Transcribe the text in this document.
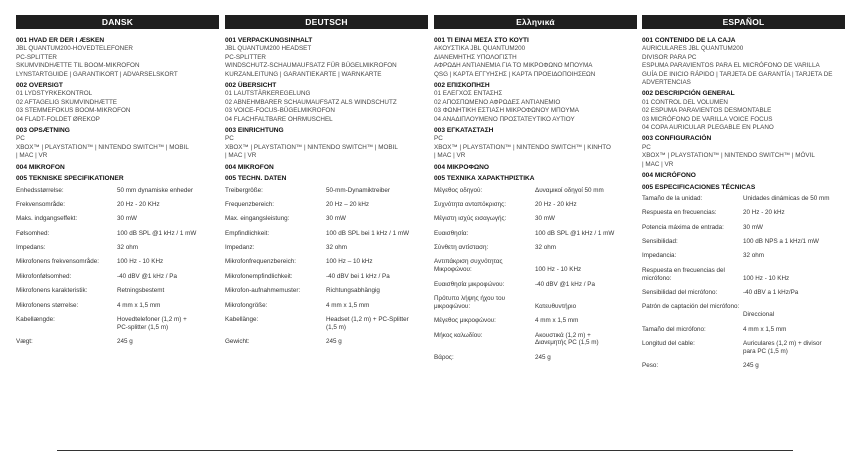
DANSK
001 HVAD ER DER I ÆSKEN
JBL QUANTUM200-HOVEDTELEFONER
PC-SPLITTER
SKUMVINDHÆTTE TIL BOOM-MIKROFON
LYNSTARTGUIDE | GARANTIKORT | ADVARSELSKORT
002 OVERSIGT
01 LYDSTYRKEKONTROL
02 AFTAGELIG SKUMVINDHÆTTE
03 STEMMEFOKUS BOOM-MIKROFON
04 FLADT-FOLDET ØREKOP
003 OPSÆTNING
PC
XBOX™ | PLAYSTATION™ | NINTENDO SWITCH™ | MOBIL
| MAC | VR
004 MIKROFON
005 TEKNISKE SPECIFIKATIONER
Enhedsstørrelse:	50 mm dynamiske enheder
Frekvensområde:	20 Hz - 20 KHz
Maks. indgangseffekt:	30 mW
Følsomhed:	100 dB SPL @1 kHz / 1 mW
Impedans:	32 ohm
Mikrofonens frekvensområde:	100 Hz - 10 KHz
Mikrofonfølsomhed:	-40 dBV @1 kHz / Pa
Mikrofonens karakteristik:	Retningsbestemt
Mikrofonens størrelse:	4 mm x 1,5 mm
Kabellængde:	Hovedtelefoner (1,2 m) +
PC-splitter (1,5 m)
Vægt:	245 g
DEUTSCH
001 VERPACKUNGSINHALT
JBL QUANTUM200 HEADSET
PC-SPLITTER
WINDSCHUTZ-SCHAUMAUFSATZ FÜR BÜGELMIKROFON
KURZANLEITUNG | GARANTIEKARTE | WARNKARTE
002 ÜBERSICHT
01 LAUTSTÄRKEREGELUNG
02 ABNEHMBARER SCHAUMAUFSATZ ALS WINDSCHUTZ
03 VOICE-FOCUS-BÜGELMIKROFON
04 FLACHFALTBARE OHRMUSCHEL
003 EINRICHTUNG
PC
XBOX™ | PLAYSTATION™ | NINTENDO SWITCH™ | MOBIL
| MAC | VR
004 MIKROFON
005 TECHN. DATEN
Treibergröße:	50-mm-Dynamiktreiber
Frequenzbereich:	20 Hz – 20 kHz
Max. eingangsleistung:	30 mW
Empfindlichkeit:	100 dB SPL bei 1 kHz / 1 mW
Impedanz:	32 ohm
Mikrofonfrequenzbereich:	100 Hz – 10 kHz
Mikrofonempfindlichkeit:	-40 dBV bei 1 kHz / Pa
Mikrofon-aufnahmemuster:	Richtungsabhängig
Mikrofongröße:	4 mm x 1,5 mm
Kabellänge:	Headset (1,2 m) + PC-Splitter
(1,5 m)
Gewicht:	245 g
Ελληνικά
001 ΤΙ ΕΙΝΑΙ ΜΕΣΑ ΣΤΟ ΚΟΥΤΙ
ΑΚΟΥΣΤΙΚΑ JBL QUANTUM200
ΔΙΑΝΕΜΗΤΗΣ ΥΠΟΛΟΓΙΣΤΗ
ΑΦΡΩΔΗ ΑΝΤΙΑΝΕΜΙΑ ΓΙΑ ΤΟ ΜΙΚΡΟΦΩΝΟ ΜΠΟΥΜΑ
QSG | ΚΑΡΤΑ ΕΓΓΥΗΣΗΣ | ΚΑΡΤΑ ΠΡΟΕΙΔΟΠΟΙΗΣΕΩΝ
002 ΕΠΙΣΚΟΠΗΣΗ
01 ΕΛΕΓΧΟΣ ΕΝΤΑΣΗΣ
02 ΑΠΟΣΠΩΜΕΝΟ ΑΦΡΩΔΕΣ ΑΝΤΙΑΝΕΜΙΟ
03 ΦΩΝΗΤΙΚΗ ΕΣΤΙΑΣΗ ΜΙΚΡΟΦΩΝΟΥ ΜΠΟΥΜΑ
04 ΑΝΑΔΙΠΛΟΥΜΕΝΟ ΠΡΟΣΤΑΤΕΥΤΙΚΟ ΑΥΤΙΟΥ
003 ΕΓΚΑΤΑΣΤΑΣΗ
PC
XBOX™ | PLAYSTATION™ | NINTENDO SWITCH™ | ΚΙΝΗΤΟ
| MAC | VR
004 ΜΙΚΡΟΦΩΝΟ
005 ΤΕΧΝΙΚΑ ΧΑΡΑΚΤΗΡΙΣΤΙΚΑ
Μέγεθος οδηγού:	Δυναμικοί οδηγοί 50 mm
Συχνότητα ανταπόκρισης:	20 Hz - 20 kHz
Μέγιστη ισχύς εισαγωγής:	30 mW
Ευαισθησία:	100 dB SPL @1 kHz / 1 mW
Σύνθετη αντίσταση:	32 ohm
Αντιπάκριση συχνότητας Μικροφώνου:
	100 Hz - 10 KHz
Ευαισθησία μικροφώνου:	-40 dBV @1 kHz / Pa
Πρότυπο λήψης ήχου του μικροφώνου:
	Κατευθυντήριο
Μέγεθος μικροφώνου:	4 mm x 1,5 mm
Μήκος καλωδίου:	Ακουστικά (1,2 m) +
Διανεμητής PC (1,5 m)
Βάρος:	245 g
ESPAÑOL
001 CONTENIDO DE LA CAJA
AURICULARES JBL QUANTUM200
DIVISOR PARA PC
ESPUMA PARAVIENTOS PARA EL MICRÓFONO DE VARILLA
GUÍA DE INICIO RÁPIDO | TARJETA DE GARANTÍA | TARJETA DE
ADVERTENCIAS
002 DESCRIPCIÓN GENERAL
01 CONTROL DEL VOLUMEN
02 ESPUMA PARAVIENTOS DESMONTABLE
03 MICRÓFONO DE VARILLA VOICE FOCUS
04 COPA AURICULAR PLEGABLE EN PLANO
003 CONFIGURACIÓN
PC
XBOX™ | PLAYSTATION™ | NINTENDO SWITCH™ | MÓVIL
| MAC | VR
004 MICRÓFONO
005 ESPECIFICACIONES TÉCNICAS
Tamaño de la unidad:	Unidades dinámicas de 50 mm
Respuesta en frecuencias:	20 Hz - 20 kHz
Potencia máxima de entrada:	30 mW
Sensibilidad:	100 dB NPS a 1 kHz/1 mW
Impedancia:	32 ohm
Respuesta en frecuencias del micrófono:
	100 Hz - 10 KHz
Sensibilidad del micrófono:	-40 dBV a 1 kHz/Pa
Patrón de captación del micrófono:

Direccional
Tamaño del micrófono:	4 mm x 1,5 mm
Longitud del cable:	Auriculares (1,2 m) + divisor
para PC (1,5 m)
Peso:	245 g
